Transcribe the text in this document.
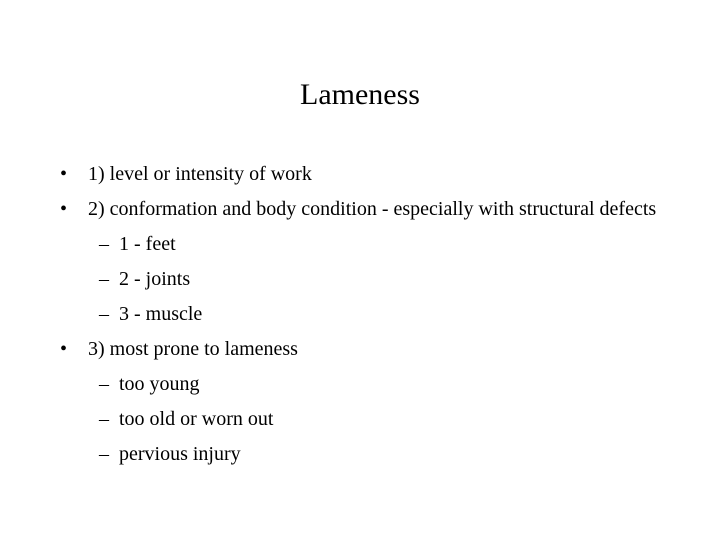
Lameness
• 1) level or intensity of work
• 2) conformation and body condition - especially with structural defects
– 1 - feet
– 2 - joints
– 3 - muscle
• 3) most prone to lameness
– too young
– too old or worn out
– pervious injury
